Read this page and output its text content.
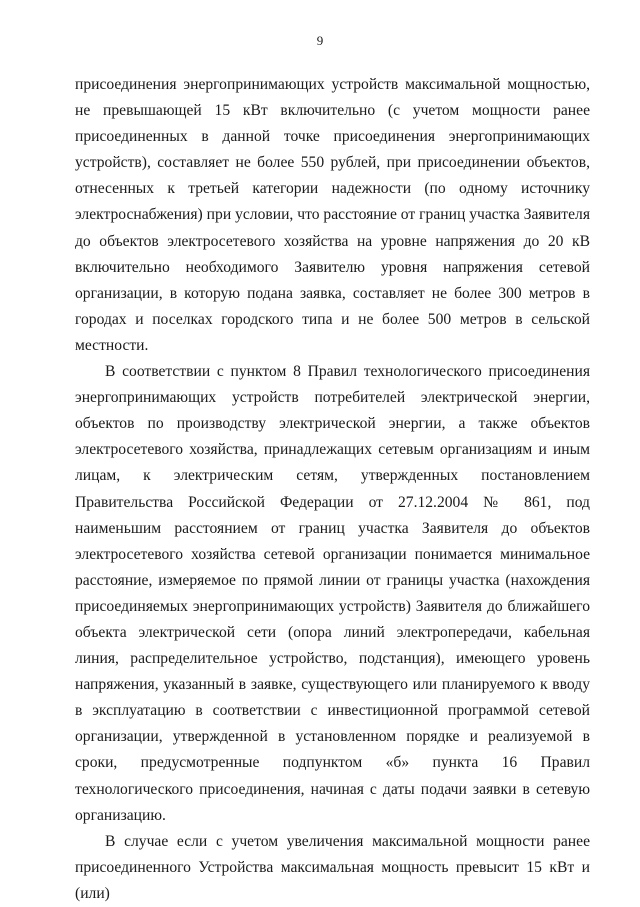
9

присоединения энергопринимающих устройств максимальной мощностью, не превышающей 15 кВт включительно (с учетом мощности ранее присоединенных в данной точке присоединения энергопринимающих устройств), составляет не более 550 рублей, при присоединении объектов, отнесенных к третьей категории надежности (по одному источнику электроснабжения) при условии, что расстояние от границ участка Заявителя до объектов электросетевого хозяйства на уровне напряжения до 20 кВ включительно необходимого Заявителю уровня напряжения сетевой организации, в которую подана заявка, составляет не более 300 метров в городах и поселках городского типа и не более 500 метров в сельской местности.

В соответствии с пунктом 8 Правил технологического присоединения энергопринимающих устройств потребителей электрической энергии, объектов по производству электрической энергии, а также объектов электросетевого хозяйства, принадлежащих сетевым организациям и иным лицам, к электрическим сетям, утвержденных постановлением Правительства Российской Федерации от 27.12.2004 № 861, под наименьшим расстоянием от границ участка Заявителя до объектов электросетевого хозяйства сетевой организации понимается минимальное расстояние, измеряемое по прямой линии от границы участка (нахождения присоединяемых энергопринимающих устройств) Заявителя до ближайшего объекта электрической сети (опора линий электропередачи, кабельная линия, распределительное устройство, подстанция), имеющего уровень напряжения, указанный в заявке, существующего или планируемого к вводу в эксплуатацию в соответствии с инвестиционной программой сетевой организации, утвержденной в установленном порядке и реализуемой в сроки, предусмотренные подпунктом «б» пункта 16 Правил технологического присоединения, начиная с даты подачи заявки в сетевую организацию.

В случае если с учетом увеличения максимальной мощности ранее присоединенного Устройства максимальная мощность превысит 15 кВт и (или)
